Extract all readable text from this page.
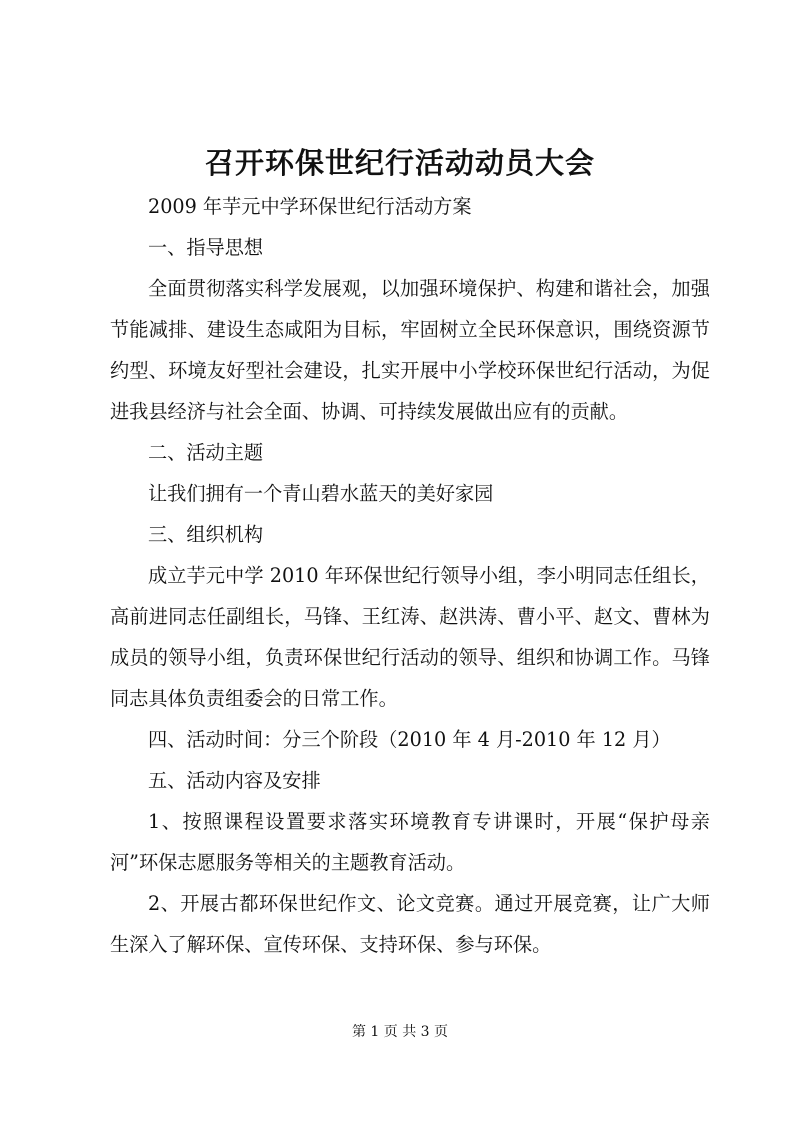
召开环保世纪行活动动员大会

2009 年芋元中学环保世纪行活动方案

一、指导思想

全面贯彻落实科学发展观，以加强环境保护、构建和谐社会，加强节能减排、建设生态咸阳为目标，牢固树立全民环保意识，围绕资源节约型、环境友好型社会建设，扎实开展中小学校环保世纪行活动，为促进我县经济与社会全面、协调、可持续发展做出应有的贡献。

二、活动主题

让我们拥有一个青山碧水蓝天的美好家园

三、组织机构

成立芋元中学 2010 年环保世纪行领导小组，李小明同志任组长，高前进同志任副组长，马锋、王红涛、赵洪涛、曹小平、赵文、曹林为成员的领导小组，负责环保世纪行活动的领导、组织和协调工作。马锋同志具体负责组委会的日常工作。

四、活动时间：分三个阶段（2010 年 4 月-2010 年 12 月）

五、活动内容及安排

1、按照课程设置要求落实环境教育专讲课时，开展“保护母亲河”环保志愿服务等相关的主题教育活动。

2、开展古都环保世纪作文、论文竞赛。通过开展竞赛，让广大师生深入了解环保、宣传环保、支持环保、参与环保。

第 1 页 共 3 页
